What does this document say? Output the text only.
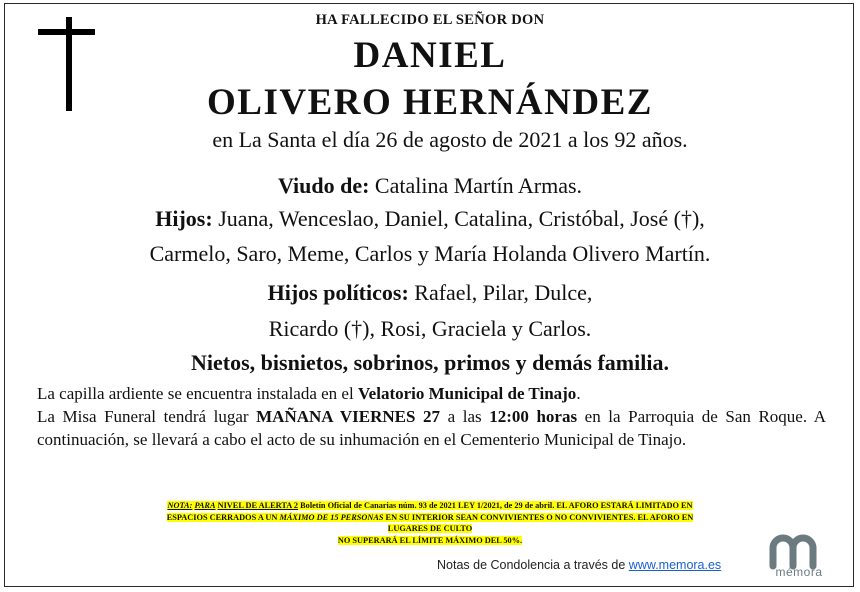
HA FALLECIDO EL SEÑOR DON
DANIEL
OLIVERO HERNÁNDEZ
en La Santa el día 26 de agosto de 2021 a los 92 años.
Viudo de: Catalina Martín Armas.
Hijos: Juana, Wenceslao, Daniel, Catalina, Cristóbal, José (†),
Carmelo, Saro, Meme, Carlos y María Holanda Olivero Martín.
Hijos políticos: Rafael, Pilar, Dulce,
Ricardo (†), Rosi, Graciela y Carlos.
Nietos, bisnietos, sobrinos, primos y demás familia.
La capilla ardiente se encuentra instalada en el Velatorio Municipal de Tinajo.
La Misa Funeral tendrá lugar MAÑANA VIERNES 27 a las 12:00 horas en la Parroquia de San Roque. A continuación, se llevará a cabo el acto de su inhumación en el Cementerio Municipal de Tinajo.
NOTA: PARA NIVEL DE ALERTA 2 Boletín Oficial de Canarias núm. 93 de 2021 LEY 1/2021, de 29 de abril. EL AFORO ESTARÁ LIMITADO EN
ESPACIOS CERRADOS A UN MÁXIMO DE 15 PERSONAS EN SU INTERIOR SEAN CONVIVIENTES O NO CONVIVIENTES. EL AFORO EN
LUGARES DE CULTO
NO SUPERARÁ EL LÍMITE MÁXIMO DEL 50%.
Notas de Condolencia a través de www.memora.es	mémora
